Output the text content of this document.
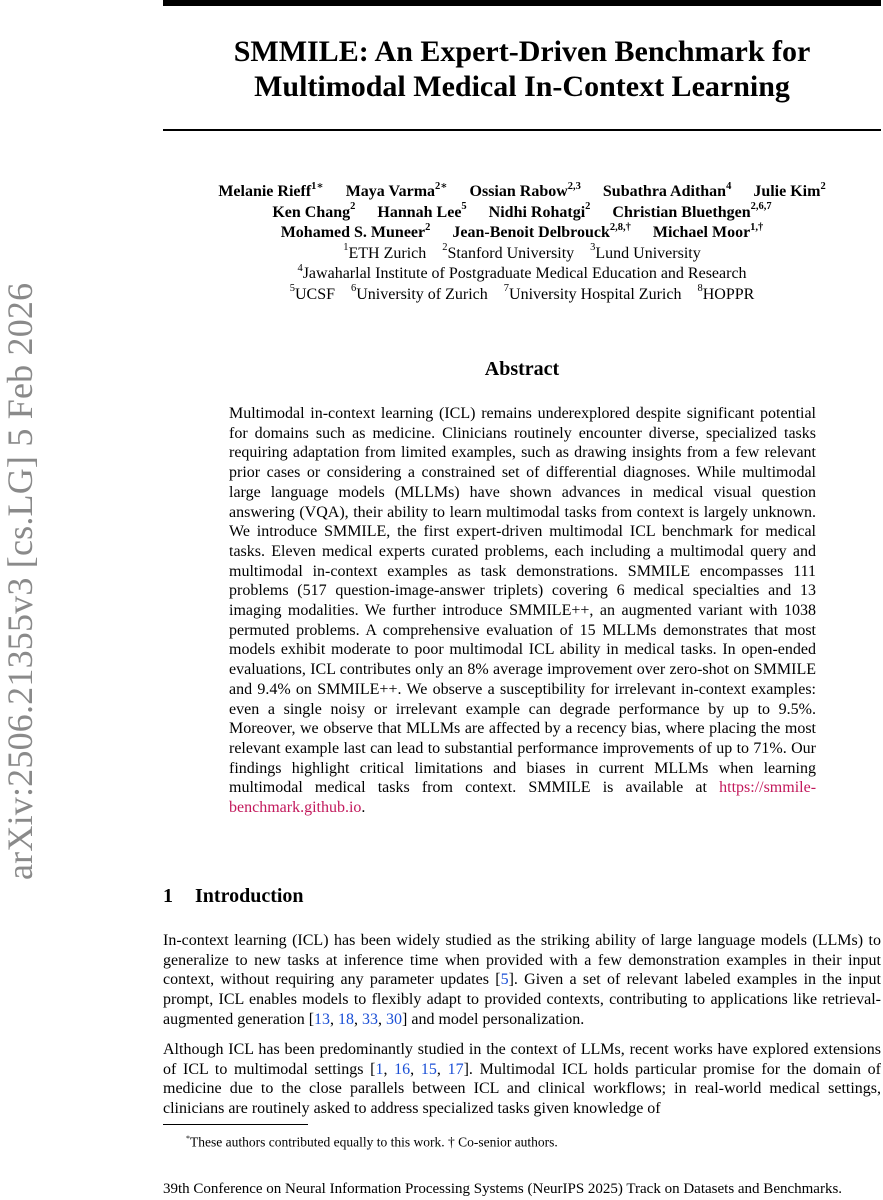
SMMILE: An Expert-Driven Benchmark for
Multimodal Medical In-Context Learning
arXiv:2506.21355v3 [cs.LG] 5 Feb 2026
Melanie Rieff$^{1∗}$ Maya Varma$^{2∗}$ Ossian Rabow$^{2,3}$ Subathra Adithan$^4$ Julie Kim$^2$
Ken Chang$^2$ Hannah Lee$^5$ Nidhi Rohatgi$^2$ Christian Bluethgen$^{2,6,7}$
Mohamed S. Muneer$^2$ Jean-Benoit Delbrouck$^{2,8,\dagger}$ Michael Moor$^{1,\dagger}$
$^1$ETH Zurich $^2$Stanford University $^3$Lund University
$^4$Jawaharlal Institute of Postgraduate Medical Education and Research
$^5$UCSF $^6$University of Zurich $^7$University Hospital Zurich $^8$HOPPR
Abstract
Multimodal in-context learning (ICL) remains underexplored despite significant potential for domains such as medicine. Clinicians routinely encounter diverse, specialized tasks requiring adaptation from limited examples, such as drawing insights from a few relevant prior cases or considering a constrained set of differential diagnoses. While multimodal large language models (MLLMs) have shown advances in medical visual question answering (VQA), their ability to learn multimodal tasks from context is largely unknown. We introduce SMMILE, the first expert-driven multimodal ICL benchmark for medical tasks. Eleven medical experts curated problems, each including a multimodal query and multimodal in-context examples as task demonstrations. SMMILE encompasses 111 problems (517 question-image-answer triplets) covering 6 medical specialties and 13 imaging modalities. We further introduce SMMILE++, an augmented variant with 1038 permuted problems. A comprehensive evaluation of 15 MLLMs demonstrates that most models exhibit moderate to poor multimodal ICL ability in medical tasks. In open-ended evaluations, ICL contributes only an 8% average improvement over zero-shot on SMMILE and 9.4% on SMMILE++. We observe a susceptibility for irrelevant in-context examples: even a single noisy or irrelevant example can degrade performance by up to 9.5%. Moreover, we observe that MLLMs are affected by a recency bias, where placing the most relevant example last can lead to substantial performance improvements of up to 71%. Our findings highlight critical limitations and biases in current MLLMs when learning multimodal medical tasks from context. SMMILE is available at https://smmile-benchmark.github.io.
1 Introduction

In-context learning (ICL) has been widely studied as the striking ability of large language models (LLMs) to generalize to new tasks at inference time when provided with a few demonstration examples in their input context, without requiring any parameter updates [5]. Given a set of relevant labeled examples in the input prompt, ICL enables models to flexibly adapt to provided contexts, contributing to applications like retrieval-augmented generation [13, 18, 33, 30] and model personalization.

Although ICL has been predominantly studied in the context of LLMs, recent works have explored extensions of ICL to multimodal settings [1, 16, 15, 17]. Multimodal ICL holds particular promise for the domain of medicine due to the close parallels between ICL and clinical workflows; in real-world medical settings, clinicians are routinely asked to address specialized tasks given knowledge of

*These authors contributed equally to this work. † Co-senior authors.
39th Conference on Neural Information Processing Systems (NeurIPS 2025) Track on Datasets and Benchmarks.
